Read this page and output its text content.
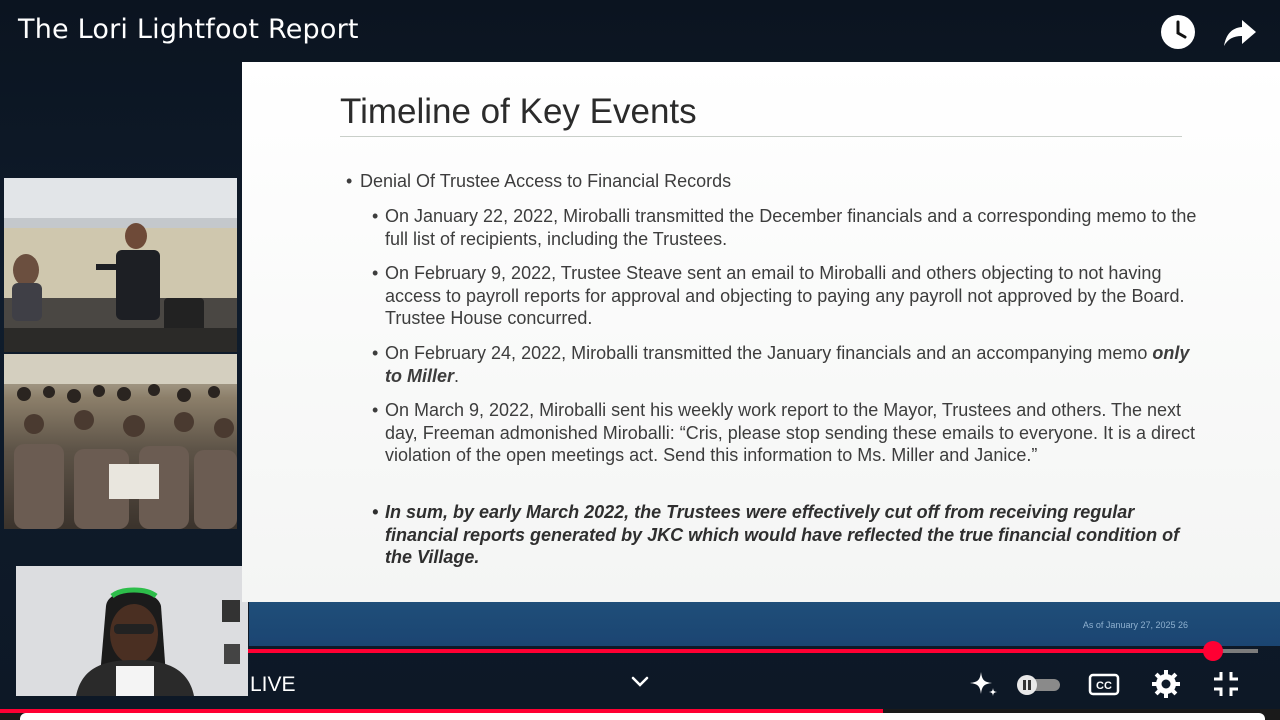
The Lori Lightfoot Report
Timeline of Key Events
• Denial Of Trustee Access to Financial Records
• On January 22, 2022, Miroballi transmitted the December financials and a corresponding memo to the full list of recipients, including the Trustees.
• On February 9, 2022, Trustee Steave sent an email to Miroballi and others objecting to not having access to payroll reports for approval and objecting to paying any payroll not approved by the Board. Trustee House concurred.
• On February 24, 2022, Miroballi transmitted the January financials and an accompanying memo only to Miller.
• On March 9, 2022, Miroballi sent his weekly work report to the Mayor, Trustees and others. The next day, Freeman admonished Miroballi: “Cris, please stop sending these emails to everyone. It is a direct violation of the open meetings act. Send this information to Ms. Miller and Janice.”
• In sum, by early March 2022, the Trustees were effectively cut off from receiving regular financial reports generated by JKC which would have reflected the true financial condition of the Village.
As of January 27, 2025 26
LIVE	CC
